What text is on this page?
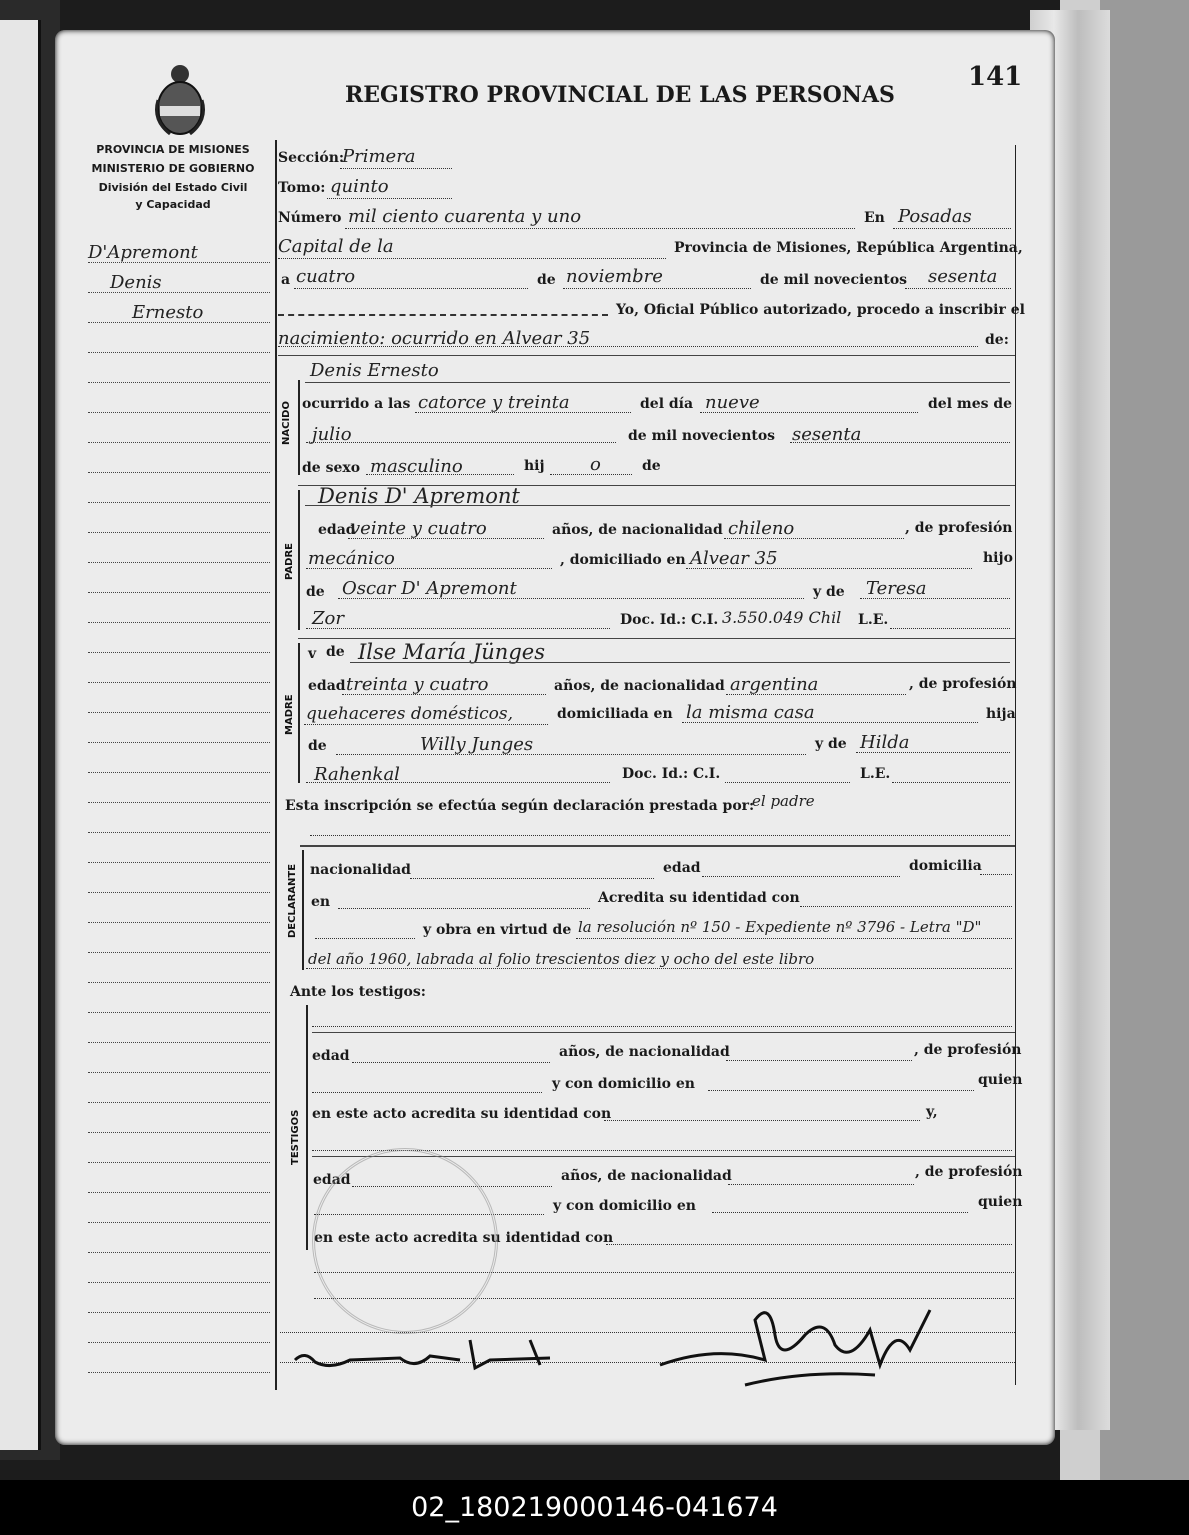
PROVINCIA DE MISIONES
MINISTERIO DE GOBIERNO
División del Estado Civil
y Capacidad
REGISTRO PROVINCIAL DE LAS PERSONAS
141
D'Apremont
Denis
Ernesto
Sección:
Primera
Tomo: quinto
Número mil ciento cuarenta y uno	En Posadas
Capital de la	Provincia de Misiones, República Argentina,
a cuatro	de noviembre	de mil novecientos sesenta
Yo, Oficial Público autorizado, procedo a inscribir el
nacimiento: ocurrido en Alvear 35	de:
NACIDO
Denis Ernesto
ocurrido a las catorce y treinta	del día nueve	del mes de
julio	de mil novecientos sesenta
de sexo masculino	hij	o	de
PADRE
Denis D' Apremont
edad
veinte y cuatro	años, de nacionalidad chileno	, de profesión
mecánico	, domiciliado en Alvear 35	hijo
de Oscar D' Apremont	y de Teresa
Zor	Doc. Id.: C.I. 3.550.049 Chil L.E.
MADRE
v de Ilse María Jünges
edad treinta y cuatro	años, de nacionalidad argentina	, de profesión
quehaceres domésticos,	domiciliada en la misma casa	hija
de	Willy Junges	y de Hilda
Rahenkal	Doc. Id.: C.I.	L.E.
Esta inscripción se efectúa según declaración prestada por:
el padre
DECLARANTE nacionalidad	edad	domicilia
en	Acredita su identidad con
y obra en virtud de la resolución nº 150 - Expediente nº 3796 - Letra "D"
del año 1960, labrada al folio trescientos diez y ocho del este libro
Ante los testigos:
TESTIGOS
edad	años, de nacionalidad	, de profesión
y con domicilio en	quien
en este acto acredita su identidad con	y,
edad	años, de nacionalidad	, de profesión
y con domicilio en	quien
en este acto acredita su identidad con
02_180219000146-041674
